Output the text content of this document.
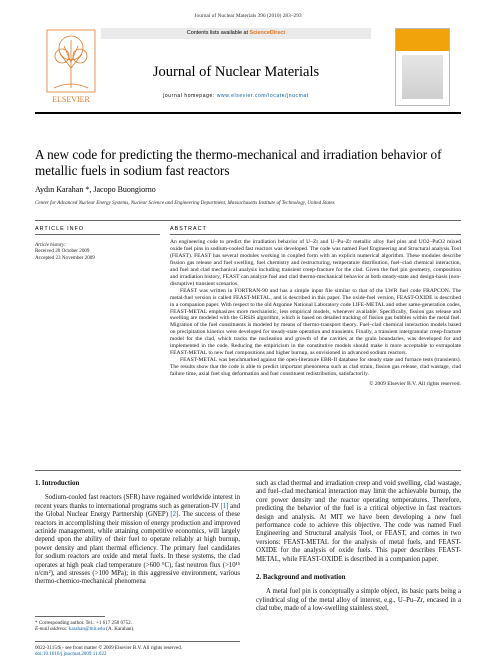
Journal of Nuclear Materials 396 (2010) 283–293
ELSEVIER
Contents lists available at ScienceDirect
Journal of Nuclear Materials
journal homepage: www.elsevier.com/locate/jnucmat
A new code for predicting the thermo-mechanical and irradiation behavior of
metallic fuels in sodium fast reactors
Aydın Karahan *, Jacopo Buongiorno
Center for Advanced Nuclear Energy Systems, Nuclear Science and Engineering Department, Massachusetts Institute of Technology, United States
ARTICLE INFO	ABSTRACT
Article history:
Received 20 October 2009
Accepted 23 November 2009

An engineering code to predict the irradiation behavior of U–Zr and U–Pu–Zr metallic alloy fuel pins and UO2–PuO2 mixed oxide fuel pins in sodium-cooled fast reactors was developed. The code was named Fuel Engineering and Structural analysis Tool (FEAST). FEAST has several modules working in coupled form with an explicit numerical algorithm. These modules describe fission gas release and fuel swelling, fuel chemistry and restructuring, temperature distribution, fuel–clad chemical interaction, and fuel and clad mechanical analysis including transient creep-fracture for the clad. Given the fuel pin geometry, composition and irradiation history, FEAST can analyze fuel and clad thermo-mechanical behavior at both steady-state and design-basis (non-disruptive) transient scenarios.

FEAST was written in FORTRAN-90 and has a simple input file similar to that of the LWR fuel code FRAPCON. The metal-fuel version is called FEAST-METAL, and is described in this paper. The oxide-fuel version, FEAST-OXIDE is described in a companion paper. With respect to the old Argonne National Laboratory code LIFE-METAL and other same-generation codes, FEAST-METAL emphasizes more mechanistic, less empirical models, whenever available. Specifically, fission gas release and swelling are modeled with the GRSIS algorithm, which is based on detailed tracking of fission gas bubbles within the metal fuel. Migration of the fuel constituents is modeled by means of thermo-transport theory. Fuel–clad chemical interaction models based on precipitation kinetics were developed for steady-state operation and transients. Finally, a transient intergranular creep-fracture model for the clad, which tracks the nucleation and growth of the cavities at the grain boundaries, was developed for and implemented in the code. Reducing the empiricism in the constitutive models should make it more acceptable to extrapolate FEAST-METAL to new fuel compositions and higher burnup, as envisioned in advanced sodium reactors.

FEAST-METAL was benchmarked against the open-literature EBR-II database for steady state and furnace tests (transients). The results show that the code is able to predict important phenomena such as clad strain, fission gas release, clad wastage, clad failure time, axial fuel slug deformation and fuel constituent redistribution, satisfactorily.

© 2009 Elsevier B.V. All rights reserved.

1. Introduction

Sodium-cooled fast reactors (SFR) have regained worldwide interest in recent years thanks to international programs such as generation-IV [1] and the Global Nuclear Energy Partnership (GNEP) [2]. The success of these reactors in accomplishing their mission of energy production and improved actinide management, while attaining competitive economics, will largely depend upon the ability of their fuel to operate reliably at high burnup, power density and plant thermal efficiency. The primary fuel candidates for sodium reactors are oxide and metal fuels. In these systems, the clad operates at high peak clad temperature (>600 °C), fast neutron flux (>10¹⁵ n/cm²), and stresses (>100 MPa); in this aggressive environment, various thermo-chemico-mechanical phenomena

such as clad thermal and irradiation creep and void swelling, clad wastage, and fuel–clad mechanical interaction may limit the achievable burnup, the core power density and the reactor operating temperatures. Therefore, predicting the behavior of the fuel is a critical objective in fast reactors design and analysis. At MIT we have been developing a new fuel performance code to achieve this objective. The code was named Fuel Engineering and Structural analysis Tool, or FEAST, and comes in two versions: FEAST-METAL for the analysis of metal fuels, and FEAST-OXIDE for the analysis of oxide fuels. This paper describes FEAST-METAL, while FEAST-OXIDE is described in a companion paper.

2. Background and motivation

A metal fuel pin is conceptually a simple object, its basic parts being a cylindrical slug of the metal alloy of interest, e.g., U–Pu–Zr, encased in a clad tube, made of a low-swelling stainless steel,

* Corresponding author. Tel.: +1 617 258 0752.
E-mail address: karahan@mit.edu (A. Karahan).
0022-3115/$ - see front matter © 2009 Elsevier B.V. All rights reserved.
doi:10.1016/j.jnucmat.2009.11.022
